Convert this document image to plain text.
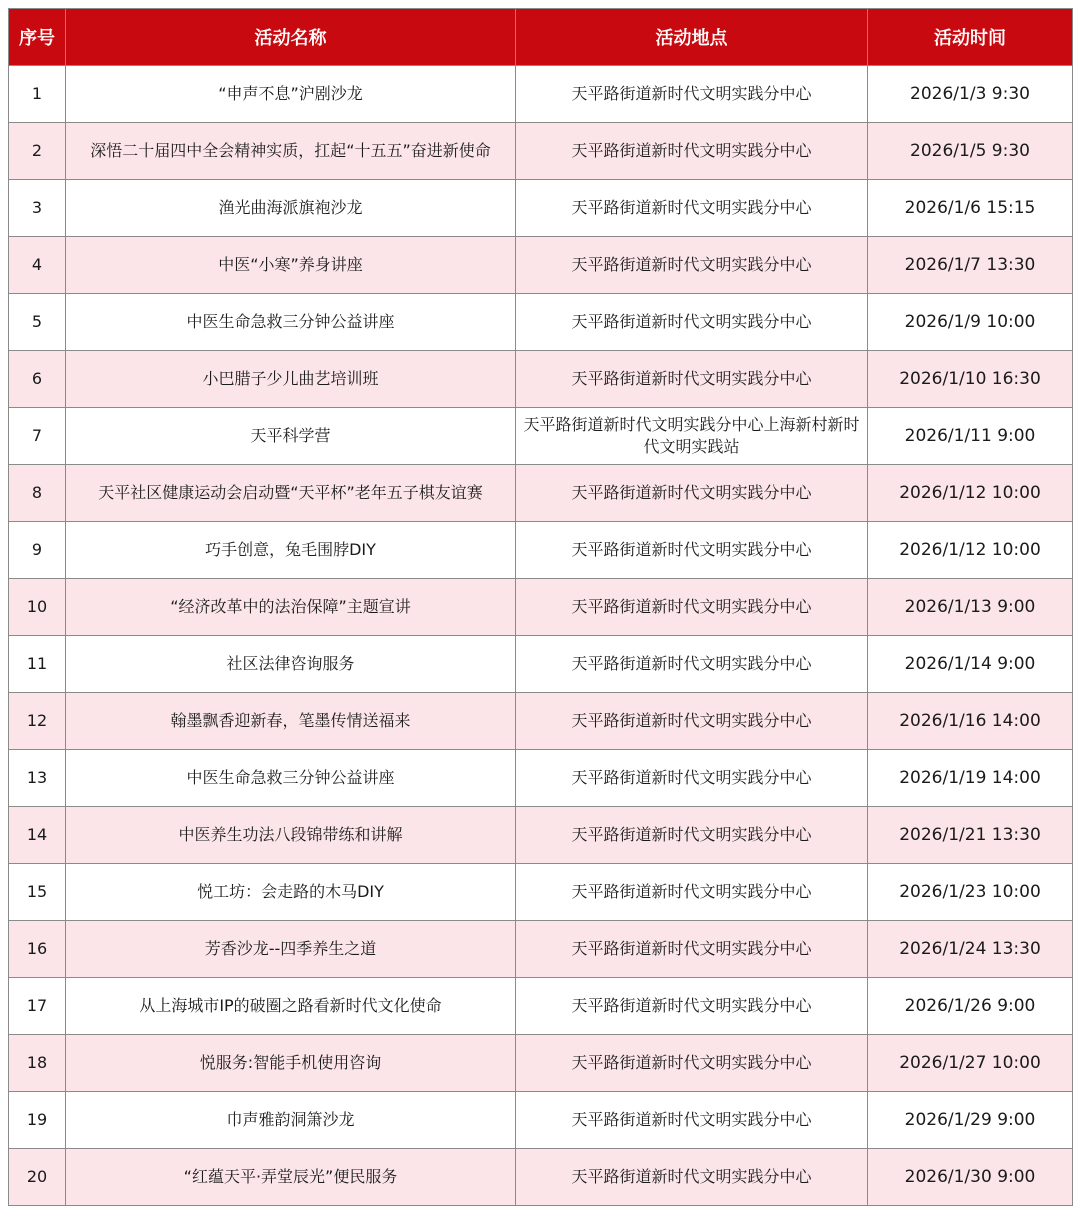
序号	活动名称	活动地点	活动时间
1	“申声不息”沪剧沙龙	天平路街道新时代文明实践分中心	2026/1/3 9:30
2	深悟二十届四中全会精神实质，扛起“十五五”奋进新使命	天平路街道新时代文明实践分中心	2026/1/5 9:30
3	渔光曲海派旗袍沙龙	天平路街道新时代文明实践分中心	2026/1/6 15:15
4	中医“小寒”养身讲座	天平路街道新时代文明实践分中心	2026/1/7 13:30
5	中医生命急救三分钟公益讲座	天平路街道新时代文明实践分中心	2026/1/9 10:00
6	小巴腊子少儿曲艺培训班	天平路街道新时代文明实践分中心	2026/1/10 16:30
7	天平科学营	天平路街道新时代文明实践分中心上海新村新时代文明实践站	2026/1/11 9:00
8	天平社区健康运动会启动暨“天平杯”老年五子棋友谊赛	天平路街道新时代文明实践分中心	2026/1/12 10:00
9	巧手创意，兔毛围脖DIY	天平路街道新时代文明实践分中心	2026/1/12 10:00
10	“经济改革中的法治保障”主题宣讲	天平路街道新时代文明实践分中心	2026/1/13 9:00
11	社区法律咨询服务	天平路街道新时代文明实践分中心	2026/1/14 9:00
12	翰墨飘香迎新春，笔墨传情送福来	天平路街道新时代文明实践分中心	2026/1/16 14:00
13	中医生命急救三分钟公益讲座	天平路街道新时代文明实践分中心	2026/1/19 14:00
14	中医养生功法八段锦带练和讲解	天平路街道新时代文明实践分中心	2026/1/21 13:30
15	悦工坊：会走路的木马DIY	天平路街道新时代文明实践分中心	2026/1/23 10:00
16	芳香沙龙--四季养生之道	天平路街道新时代文明实践分中心	2026/1/24 13:30
17	从上海城市IP的破圈之路看新时代文化使命	天平路街道新时代文明实践分中心	2026/1/26 9:00
18	悦服务:智能手机使用咨询	天平路街道新时代文明实践分中心	2026/1/27 10:00
19	巾声雅韵洞箫沙龙	天平路街道新时代文明实践分中心	2026/1/29 9:00
20	“红蕴天平·弄堂辰光”便民服务	天平路街道新时代文明实践分中心	2026/1/30 9:00
